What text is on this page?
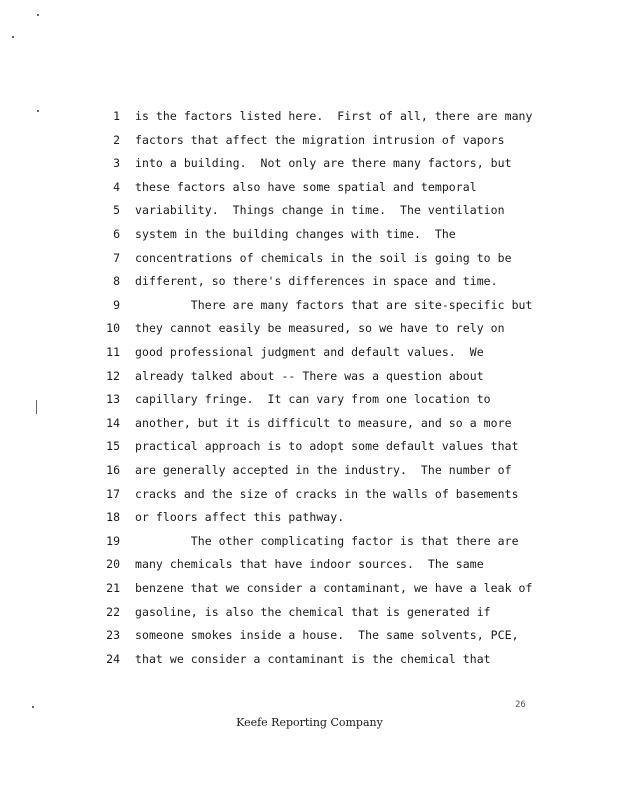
1 is the factors listed here.  First of all, there are many
2 factors that affect the migration intrusion of vapors
3 into a building.  Not only are there many factors, but
4 these factors also have some spatial and temporal
5 variability.  Things change in time.  The ventilation
6 system in the building changes with time.  The
7 concentrations of chemicals in the soil is going to be
8 different, so there's differences in space and time.
9 There are many factors that are site-specific but
10 they cannot easily be measured, so we have to rely on
11 good professional judgment and default values.  We
12 already talked about -- There was a question about
13 capillary fringe.  It can vary from one location to
14 another, but it is difficult to measure, and so a more
15 practical approach is to adopt some default values that
16 are generally accepted in the industry.  The number of
17 cracks and the size of cracks in the walls of basements
18 or floors affect this pathway.
19 The other complicating factor is that there are
20 many chemicals that have indoor sources.  The same
21 benzene that we consider a contaminant, we have a leak of
22 gasoline, is also the chemical that is generated if
23 someone smokes inside a house.  The same solvents, PCE,
24 that we consider a contaminant is the chemical that
26
Keefe Reporting Company
